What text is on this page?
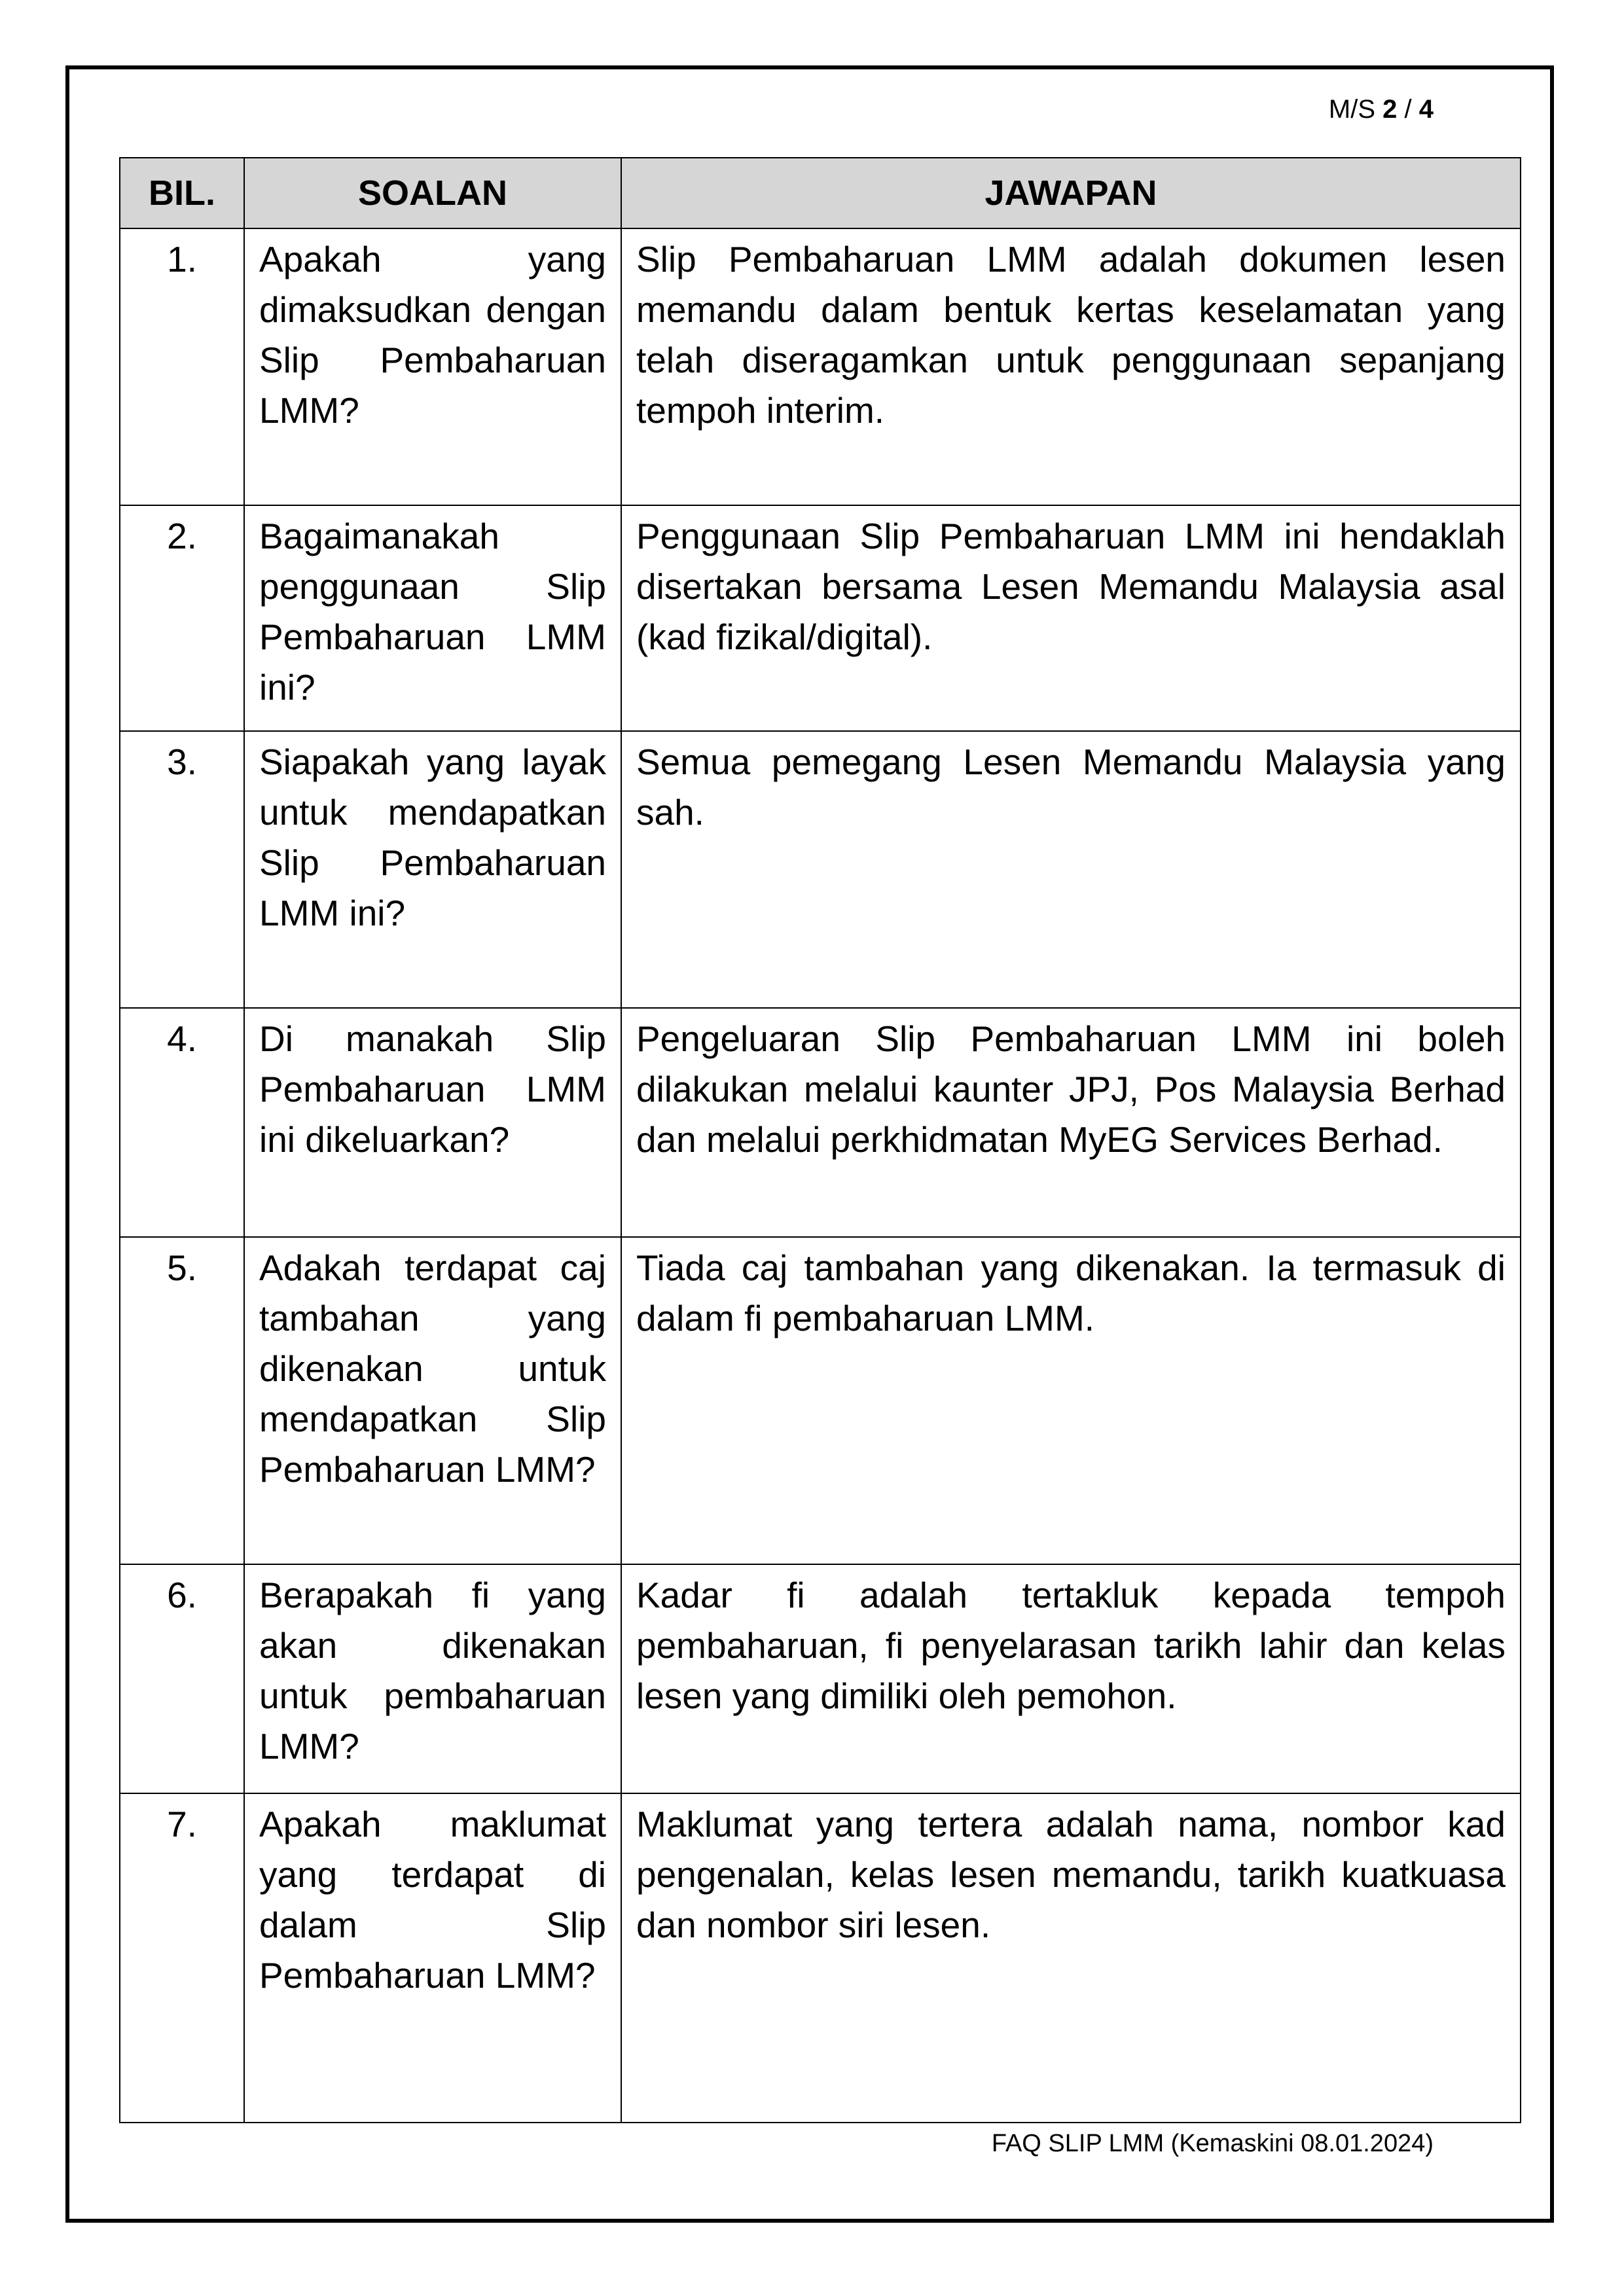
M/S 2 / 4
BIL.	SOALAN	JAWAPAN
1.	Apakah yang dimaksudkan dengan Slip Pembaharuan LMM?	Slip Pembaharuan LMM adalah dokumen lesen memandu dalam bentuk kertas keselamatan yang telah diseragamkan untuk penggunaan sepanjang tempoh interim.
2.	Bagaimanakah penggunaan Slip Pembaharuan LMM ini?	Penggunaan Slip Pembaharuan LMM ini hendaklah disertakan bersama Lesen Memandu Malaysia asal (kad fizikal/digital).
3.	Siapakah yang layak untuk mendapatkan Slip Pembaharuan LMM ini?	Semua pemegang Lesen Memandu Malaysia yang sah.
4.	Di manakah Slip Pembaharuan LMM ini dikeluarkan?	Pengeluaran Slip Pembaharuan LMM ini boleh dilakukan melalui kaunter JPJ, Pos Malaysia Berhad dan melalui perkhidmatan MyEG Services Berhad.
5.	Adakah terdapat caj tambahan yang dikenakan untuk mendapatkan Slip Pembaharuan LMM?	Tiada caj tambahan yang dikenakan. Ia termasuk di dalam fi pembaharuan LMM.
6.	Berapakah fi yang akan dikenakan untuk pembaharuan LMM?	Kadar fi adalah tertakluk kepada tempoh pembaharuan, fi penyelarasan tarikh lahir dan kelas lesen yang dimiliki oleh pemohon.
7.	Apakah maklumat yang terdapat di dalam Slip Pembaharuan LMM?	Maklumat yang tertera adalah nama, nombor kad pengenalan, kelas lesen memandu, tarikh kuatkuasa dan nombor siri lesen.
FAQ SLIP LMM (Kemaskini 08.01.2024)
